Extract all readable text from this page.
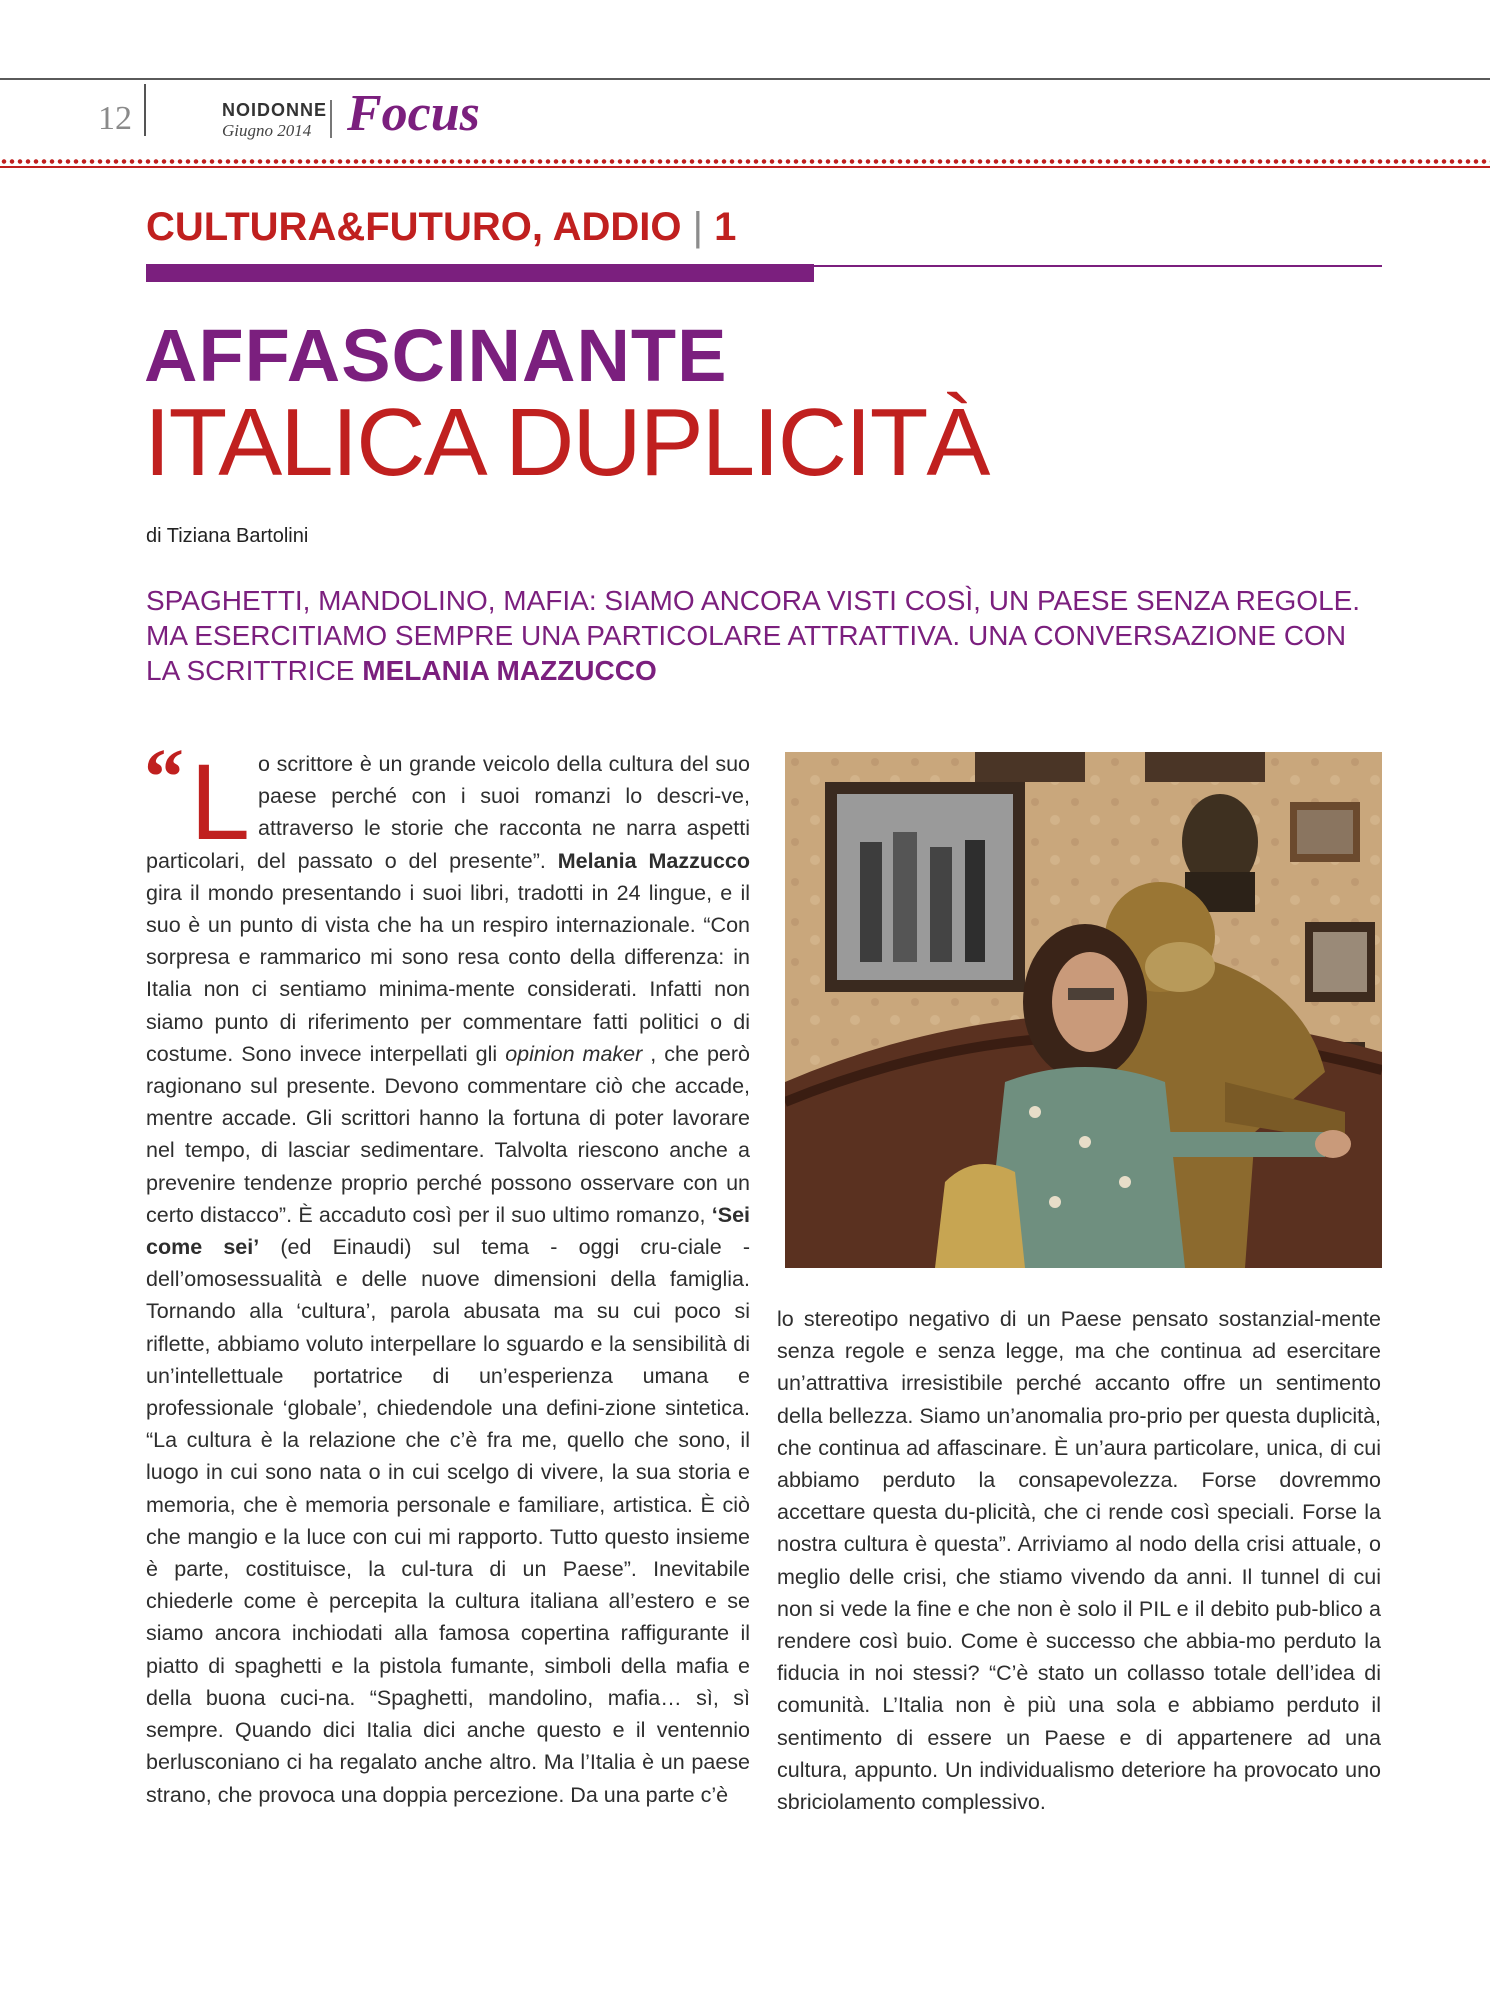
12	NOIDONNE
Giugno 2014 Focus
CULTURA&FUTURO, ADDIO | 1
AFFASCINANTE
ITALICA DUPLICITÀ
di Tiziana Bartolini
SPAGHETTI, MANDOLINO, MAFIA: SIAMO ANCORA VISTI COSÌ, UN PAESE SENZA REGOLE. MA ESERCITIAMO SEMPRE UNA PARTICOLARE ATTRATTIVA. UNA CONVERSAZIONE CON LA SCRITTRICE MELANIA MAZZUCCO
“ L o scrittore è un grande veicolo della cultura del suo paese perché con i suoi romanzi lo descri-ve, attraverso le storie che racconta ne narra aspetti particolari, del passato o del presente”. Melania Mazzucco gira il mondo presentando i suoi libri, tradotti in 24 lingue, e il suo è un punto di vista che ha un respiro internazionale. “Con sorpresa e rammarico mi sono resa conto della differenza: in Italia non ci sentiamo minima-mente considerati. Infatti non siamo punto di riferimento per commentare fatti politici o di costume. Sono invece interpellati gli opinion maker , che però ragionano sul presente. Devono commentare ciò che accade, mentre accade. Gli scrittori hanno la fortuna di poter lavorare nel tempo, di lasciar sedimentare. Talvolta riescono anche a prevenire tendenze proprio perché possono osservare con un certo distacco”. È accaduto così per il suo ultimo romanzo, ‘Sei come sei’ (ed Einaudi) sul tema - oggi cru-ciale - dell’omosessualità e delle nuove dimensioni della famiglia. Tornando alla ‘cultura’, parola abusata ma su cui poco si riflette, abbiamo voluto interpellare lo sguardo e la sensibilità di un’intellettuale portatrice di un’esperienza umana e professionale ‘globale’, chiedendole una defini-zione sintetica. “La cultura è la relazione che c’è fra me, quello che sono, il luogo in cui sono nata o in cui scelgo di vivere, la sua storia e memoria, che è memoria personale e familiare, artistica. È ciò che mangio e la luce con cui mi rapporto. Tutto questo insieme è parte, costituisce, la cul-tura di un Paese”. Inevitabile chiederle come è percepita la cultura italiana all’estero e se siamo ancora inchiodati alla famosa copertina raffigurante il piatto di spaghetti e la pistola fumante, simboli della mafia e della buona cuci-na. “Spaghetti, mandolino, mafia… sì, sì sempre. Quando dici Italia dici anche questo e il ventennio berlusconiano ci ha regalato anche altro. Ma l’Italia è un paese strano, che provoca una doppia percezione. Da una parte c’è

lo stereotipo negativo di un Paese pensato sostanzial-mente senza regole e senza legge, ma che continua ad esercitare un’attrattiva irresistibile perché accanto offre un sentimento della bellezza. Siamo un’anomalia pro-prio per questa duplicità, che continua ad affascinare. È un’aura particolare, unica, di cui abbiamo perduto la consapevolezza. Forse dovremmo accettare questa du-plicità, che ci rende così speciali. Forse la nostra cultura è questa”. Arriviamo al nodo della crisi attuale, o meglio delle crisi, che stiamo vivendo da anni. Il tunnel di cui non si vede la fine e che non è solo il PIL e il debito pub-blico a rendere così buio. Come è successo che abbia-mo perduto la fiducia in noi stessi? “C’è stato un collasso totale dell’idea di comunità. L’Italia non è più una sola e abbiamo perduto il sentimento di essere un Paese e di appartenere ad una cultura, appunto. Un individualismo deteriore ha provocato uno sbriciolamento complessivo.
